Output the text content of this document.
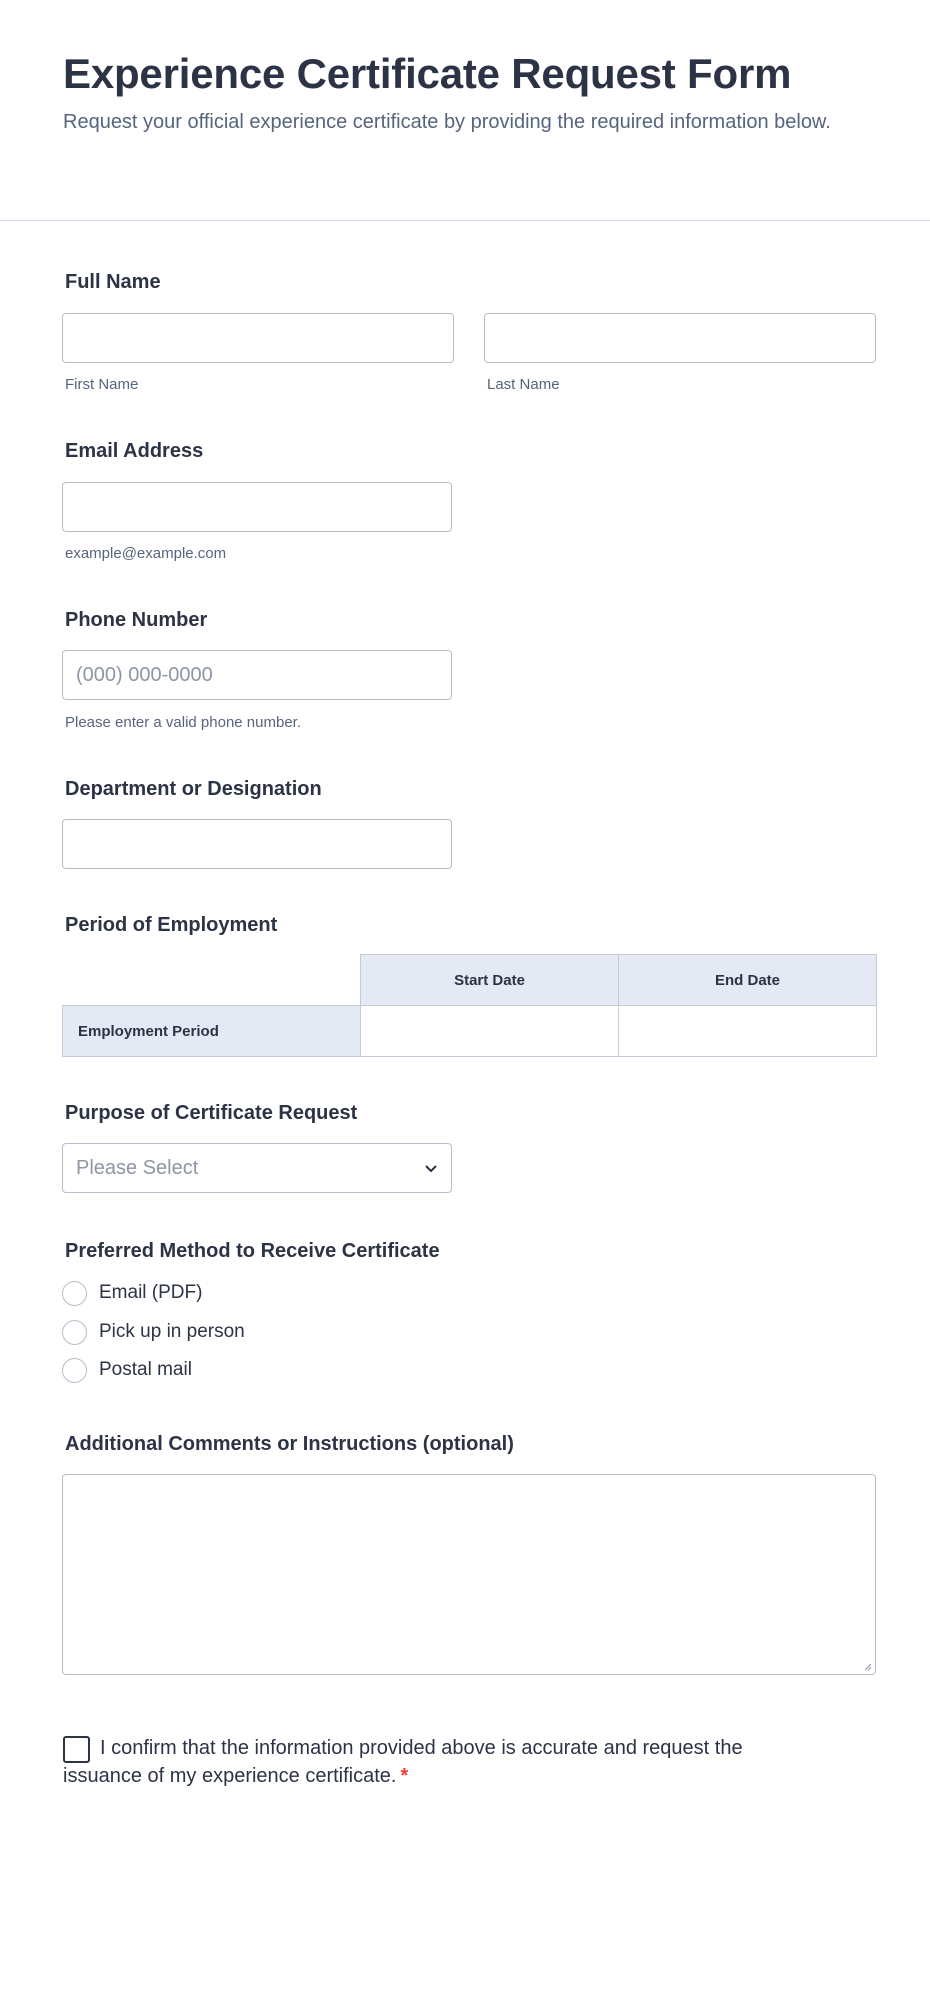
Experience Certificate Request Form

Request your official experience certificate by providing the required information below.

Full Name
First Name	Last Name
Email Address
example@example.com
Phone Number
(000) 000-0000
Please enter a valid phone number.
Department or Designation
Period of Employment
	Start Date	End Date
Employment Period		
Purpose of Certificate Request
Please Select
Preferred Method to Receive Certificate
Email (PDF)
Pick up in person
Postal mail
Additional Comments or Instructions (optional)

I confirm that the information provided above is accurate and request the issuance of my experience certificate. *
